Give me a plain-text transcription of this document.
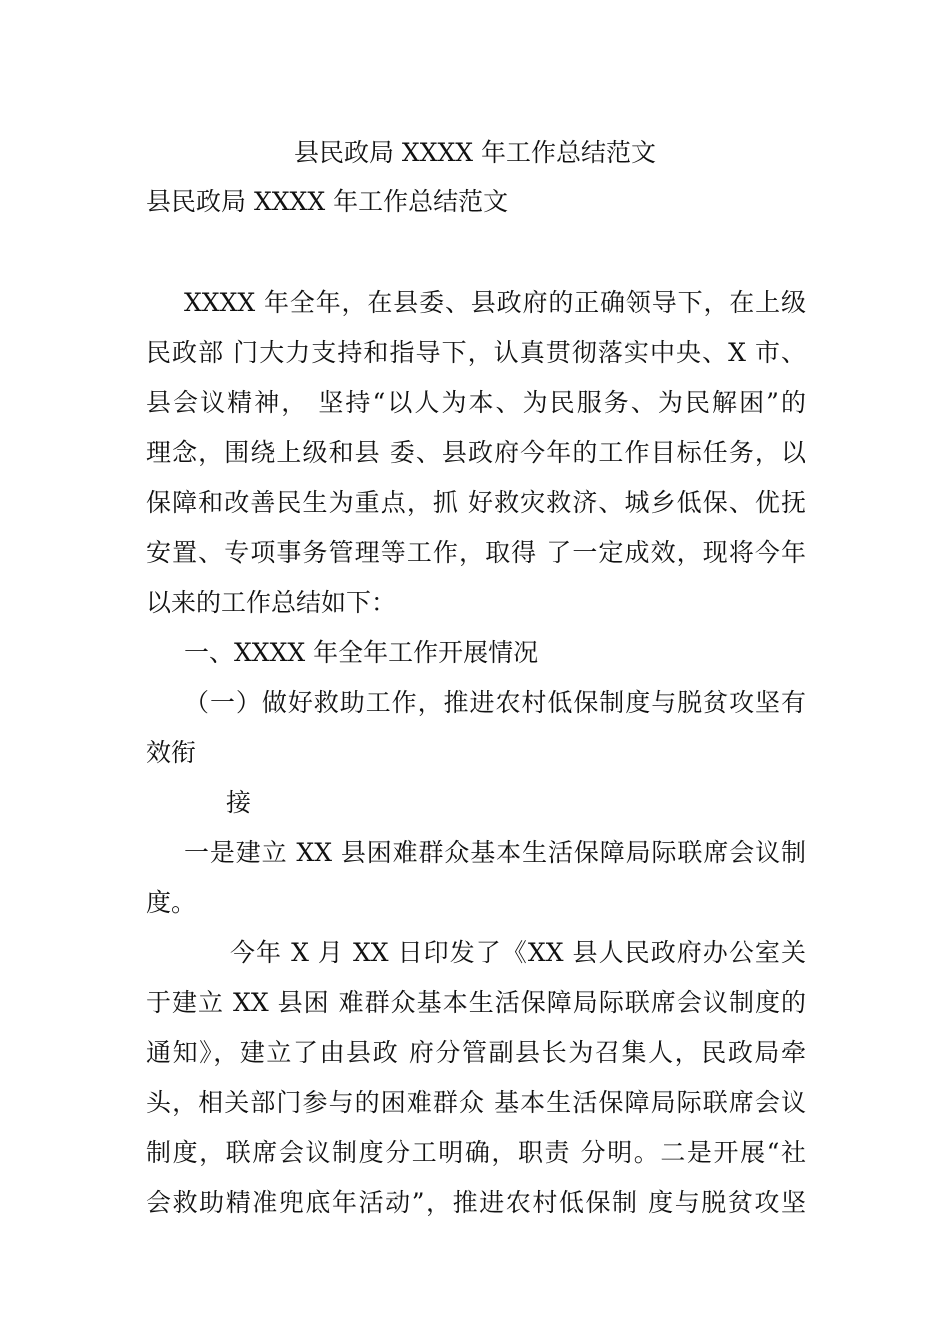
县民政局 XXXX 年工作总结范文
县民政局 XXXX 年工作总结范文
XXXX 年全年，在县委、县政府的正确领导下，在上级
民政部 门大力支持和指导下，认真贯彻落实中央、X 市、
县会议精神， 坚持“以人为本、为民服务、为民解困”的
理念，围绕上级和县 委、县政府今年的工作目标任务，以
保障和改善民生为重点，抓 好救灾救济、城乡低保、优抚
安置、专项事务管理等工作，取得 了一定成效，现将今年
以来的工作总结如下：
一、XXXX 年全年工作开展情况
（一）做好救助工作，推进农村低保制度与脱贫攻坚有
效衔
接
一是建立 XX 县困难群众基本生活保障局际联席会议制
度。
今年 X 月 XX 日印发了《XX 县人民政府办公室关
于建立 XX 县困 难群众基本生活保障局际联席会议制度的
通知》，建立了由县政 府分管副县长为召集人，民政局牵
头，相关部门参与的困难群众 基本生活保障局际联席会议
制度，联席会议制度分工明确，职责 分明。二是开展“社
会救助精准兜底年活动”，推进农村低保制 度与脱贫攻坚
